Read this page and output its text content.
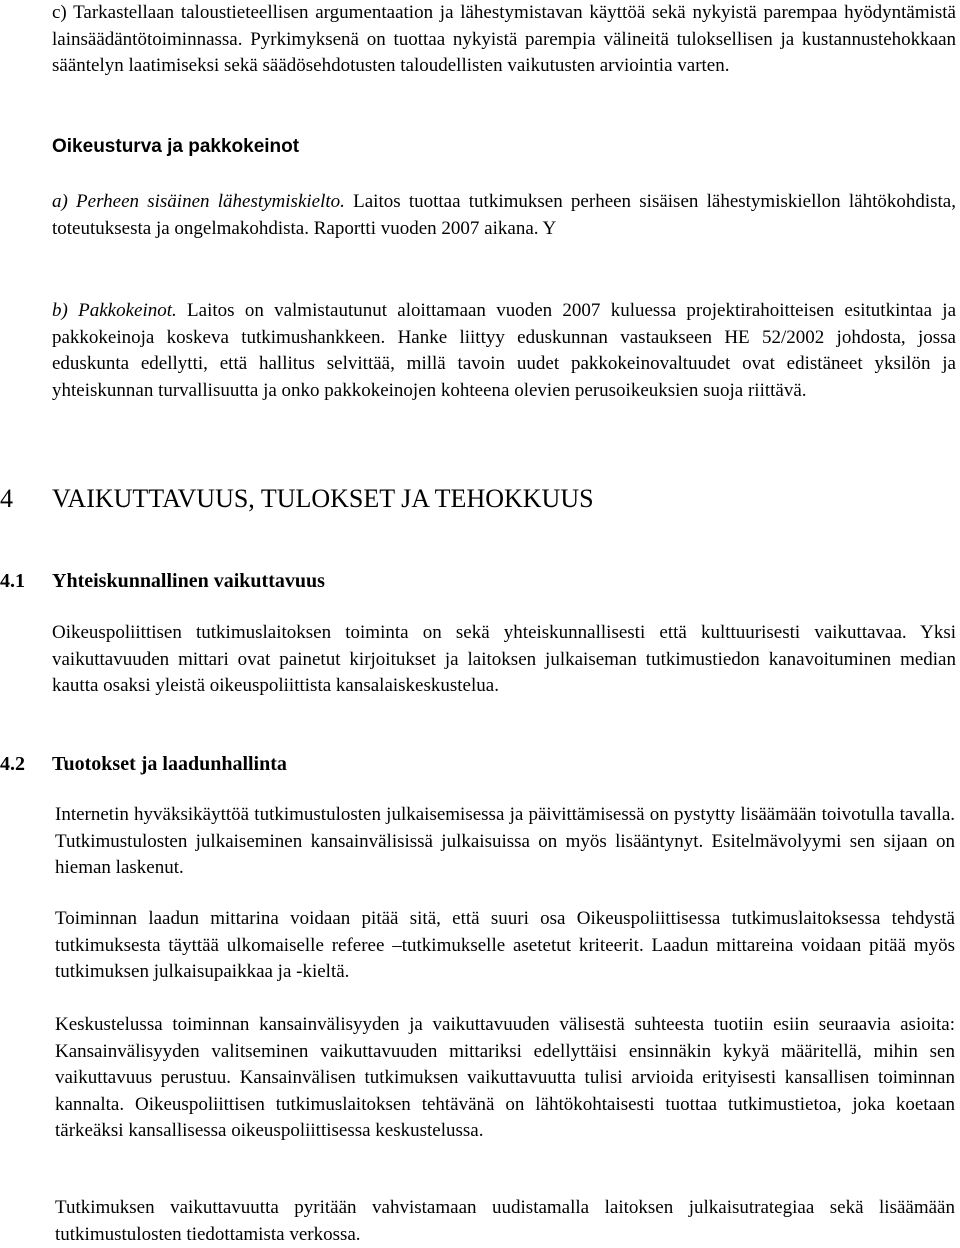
c) Tarkastellaan taloustieteellisen argumentaation ja lähestymistavan käyttöä sekä nykyistä parempaa hyödyntämistä lainsäädäntötoiminnassa. Pyrkimyksenä on tuottaa nykyistä parempia välineitä tuloksellisen ja kustannustehokkaan sääntelyn laatimiseksi sekä säädösehdotusten taloudellisten vaikutusten arviointia varten.

Oikeusturva ja pakkokeinot

a) Perheen sisäinen lähestymiskielto. Laitos tuottaa tutkimuksen perheen sisäisen lähestymiskiellon lähtökohdista, toteutuksesta ja ongelmakohdista. Raportti vuoden 2007 aikana. Y

b) Pakkokeinot. Laitos on valmistautunut aloittamaan vuoden 2007 kuluessa projektirahoitteisen esitutkintaa ja pakkokeinoja koskeva tutkimushankkeen. Hanke liittyy eduskunnan vastaukseen HE 52/2002 johdosta, jossa eduskunta edellytti, että hallitus selvittää, millä tavoin uudet pakkokeinovaltuudet ovat edistäneet yksilön ja yhteiskunnan turvallisuutta ja onko pakkokeinojen kohteena olevien perusoikeuksien suoja riittävä.

4 VAIKUTTAVUUS, TULOKSET JA TEHOKKUUS
4.1 Yhteiskunnallinen vaikuttavuus

Oikeuspoliittisen tutkimuslaitoksen toiminta on sekä yhteiskunnallisesti että kulttuurisesti vaikuttavaa. Yksi vaikuttavuuden mittari ovat painetut kirjoitukset ja laitoksen julkaiseman tutkimustiedon kanavoituminen median kautta osaksi yleistä oikeuspoliittista kansalaiskeskustelua.

4.2 Tuotokset ja laadunhallinta

Internetin hyväksikäyttöä tutkimustulosten julkaisemisessa ja päivittämisessä on pystytty lisäämään toivotulla tavalla. Tutkimustulosten julkaiseminen kansainvälisissä julkaisuissa on myös lisääntynyt. Esitelmävolyymi sen sijaan on hieman laskenut.

Toiminnan laadun mittarina voidaan pitää sitä, että suuri osa Oikeuspoliittisessa tutkimuslaitoksessa tehdystä tutkimuksesta täyttää ulkomaiselle referee –tutkimukselle asetetut kriteerit. Laadun mittareina voidaan pitää myös tutkimuksen julkaisupaikkaa ja -kieltä.

Keskustelussa toiminnan kansainvälisyyden ja vaikuttavuuden välisestä suhteesta tuotiin esiin seuraavia asioita: Kansainvälisyyden valitseminen vaikuttavuuden mittariksi edellyttäisi ensinnäkin kykyä määritellä, mihin sen vaikuttavuus perustuu. Kansainvälisen tutkimuksen vaikuttavuutta tulisi arvioida erityisesti kansallisen toiminnan kannalta. Oikeuspoliittisen tutkimuslaitoksen tehtävänä on lähtökohtaisesti tuottaa tutkimustietoa, joka koetaan tärkeäksi kansallisessa oikeuspoliittisessa keskustelussa.

Tutkimuksen vaikuttavuutta pyritään vahvistamaan uudistamalla laitoksen julkaisutrategiaa sekä lisäämään tutkimustulosten tiedottamista verkossa.
